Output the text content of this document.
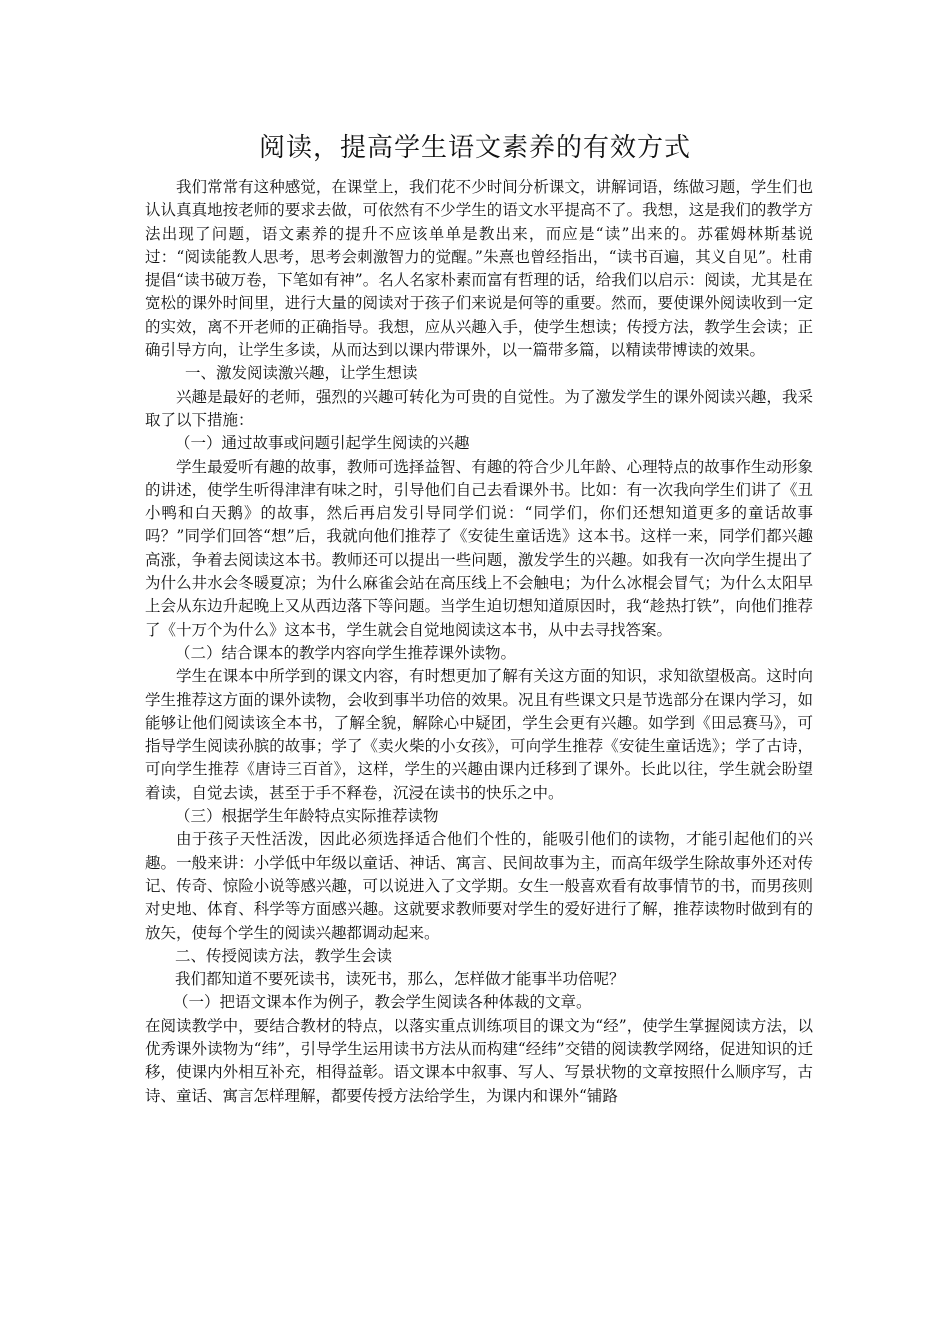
阅读，提高学生语文素养的有效方式

我们常常有这种感觉，在课堂上，我们花不少时间分析课文，讲解词语，练做习题，学生们也认认真真地按老师的要求去做，可依然有不少学生的语文水平提高不了。我想，这是我们的教学方法出现了问题，语文素养的提升不应该单单是教出来，而应是“读”出来的。苏霍姆林斯基说过：“阅读能教人思考，思考会刺激智力的觉醒。”朱熹也曾经指出，“读书百遍，其义自见”。杜甫提倡“读书破万卷，下笔如有神”。名人名家朴素而富有哲理的话，给我们以启示：阅读，尤其是在宽松的课外时间里，进行大量的阅读对于孩子们来说是何等的重要。然而，要使课外阅读收到一定的实效，离不开老师的正确指导。我想，应从兴趣入手，使学生想读；传授方法，教学生会读；正确引导方向，让学生多读，从而达到以课内带课外，以一篇带多篇，以精读带博读的效果。

一、激发阅读激兴趣，让学生想读

兴趣是最好的老师，强烈的兴趣可转化为可贵的自觉性。为了激发学生的课外阅读兴趣，我采取了以下措施：

（一）通过故事或问题引起学生阅读的兴趣

学生最爱听有趣的故事，教师可选择益智、有趣的符合少儿年龄、心理特点的故事作生动形象的讲述，使学生听得津津有味之时，引导他们自己去看课外书。比如：有一次我向学生们讲了《丑小鸭和白天鹅》的故事，然后再启发引导同学们说：“同学们，你们还想知道更多的童话故事吗？”同学们回答“想”后，我就向他们推荐了《安徒生童话选》这本书。这样一来，同学们都兴趣高涨，争着去阅读这本书。教师还可以提出一些问题，激发学生的兴趣。如我有一次向学生提出了为什么井水会冬暖夏凉；为什么麻雀会站在高压线上不会触电；为什么冰棍会冒气；为什么太阳早上会从东边升起晚上又从西边落下等问题。当学生迫切想知道原因时，我“趁热打铁”，向他们推荐了《十万个为什么》这本书，学生就会自觉地阅读这本书，从中去寻找答案。

（二）结合课本的教学内容向学生推荐课外读物。

学生在课本中所学到的课文内容，有时想更加了解有关这方面的知识，求知欲望极高。这时向学生推荐这方面的课外读物，会收到事半功倍的效果。况且有些课文只是节选部分在课内学习，如能够让他们阅读该全本书，了解全貌，解除心中疑团，学生会更有兴趣。如学到《田忌赛马》，可指导学生阅读孙膑的故事；学了《卖火柴的小女孩》，可向学生推荐《安徒生童话选》；学了古诗，可向学生推荐《唐诗三百首》，这样，学生的兴趣由课内迁移到了课外。长此以往，学生就会盼望着读，自觉去读，甚至于手不释卷，沉浸在读书的快乐之中。

（三）根据学生年龄特点实际推荐读物

由于孩子天性活泼，因此必须选择适合他们个性的，能吸引他们的读物，才能引起他们的兴趣。一般来讲：小学低中年级以童话、神话、寓言、民间故事为主，而高年级学生除故事外还对传记、传奇、惊险小说等感兴趣，可以说进入了文学期。女生一般喜欢看有故事情节的书，而男孩则对史地、体育、科学等方面感兴趣。这就要求教师要对学生的爱好进行了解，推荐读物时做到有的放矢，使每个学生的阅读兴趣都调动起来。

二、传授阅读方法，教学生会读

我们都知道不要死读书，读死书，那么，怎样做才能事半功倍呢？

（一）把语文课本作为例子，教会学生阅读各种体裁的文章。

在阅读教学中，要结合教材的特点，以落实重点训练项目的课文为“经”，使学生掌握阅读方法，以优秀课外读物为“纬”，引导学生运用读书方法从而构建“经纬”交错的阅读教学网络，促进知识的迁移，使课内外相互补充，相得益彰。语文课本中叙事、写人、写景状物的文章按照什么顺序写，古诗、童话、寓言怎样理解，都要传授方法给学生，为课内和课外“铺路
